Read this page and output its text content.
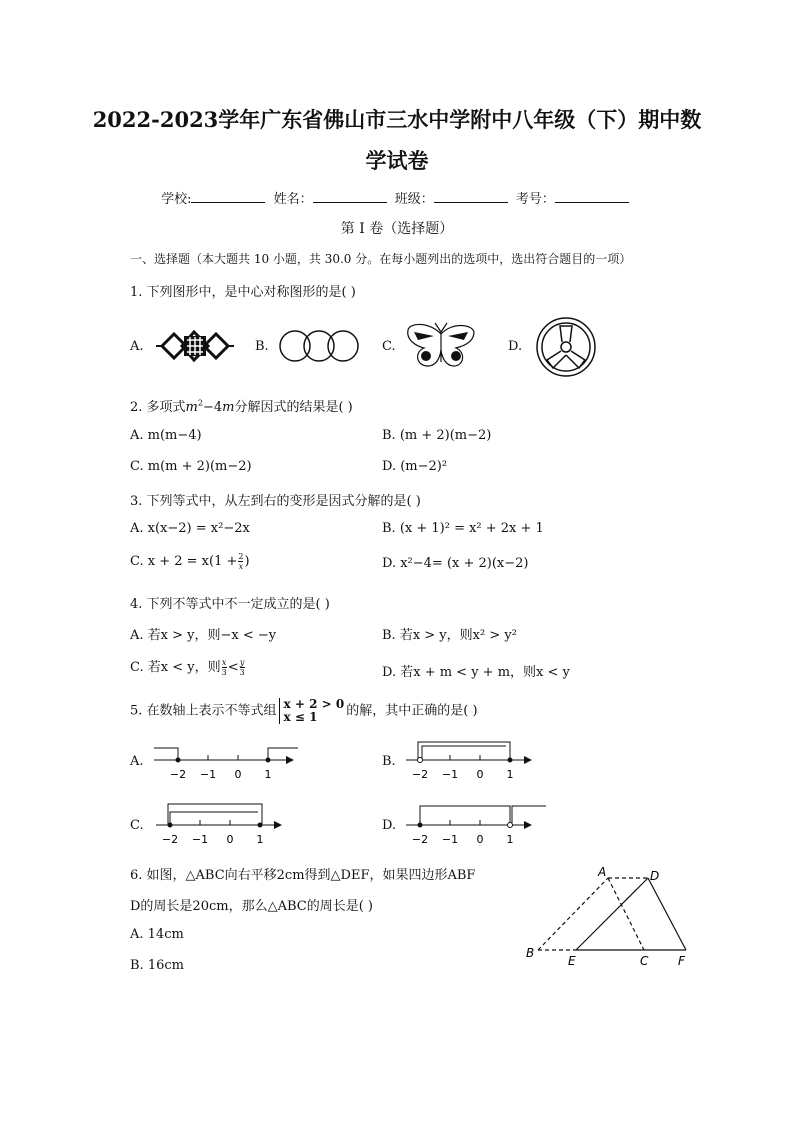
2022-2023学年广东省佛山市三水中学附中八年级（下）期中数
学试卷
学校:	姓名：	班级：	考号：
第 I 卷（选择题）
一、选择题（本大题共 10 小题，共 30.0 分。在每小题列出的选项中，选出符合题目的一项）
1. 下列图形中，是中心对称图形的是( )
A.	B.	C.	D.
2. 多项式$m^2-4m$分解因式的结果是( )
A. m(m−4)	B. (m + 2)(m−2)
C. m(m + 2)(m−2)	D. (m−2)²
3. 下列等式中，从左到右的变形是因式分解的是( )
A. x(x−2) = x²−2x	B. (x + 1)² = x² + 2x + 1
C. $x + 2 = x(1 + \frac{2}{x}$ )	D. x²−4= (x + 2)(x−2)
4. 下列不等式中不一定成立的是( )
A. 若x > y，则−x < −y	B. 若x > y，则x² > y²
C. 若x < y，则 $\frac{x}{3} < \frac{y}{3}$	D. 若x + m < y + m，则x < y
5. 在数轴上表示不等式组 x + 2 > 0
x ≤ 1	的解，其中正确的是( )
A.
−2 −1 0 1
B.
−2 −1 0 1
C.
−2 −1 0 1
D.
−2 −1 0 1
6. 如图，△ABC向右平移2cm得到△DEF，如果四边形ABF
D的周长是20cm，那么△ABC的周长是( )
A. 14cm
B. 16cm
A	D
B
E	C F
